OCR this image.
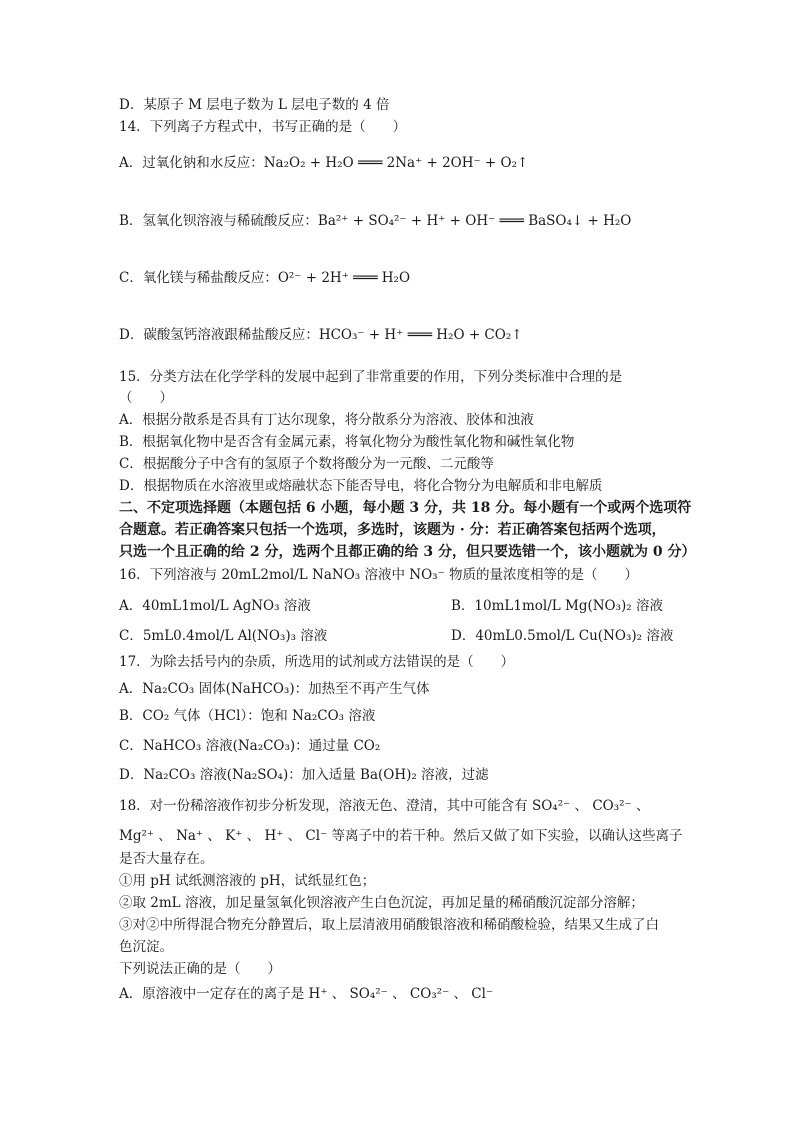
D．某原子 M 层电子数为 L 层电子数的 4 倍
14．下列离子方程式中，书写正确的是（　　）
A．过氧化钠和水反应：Na₂O₂ + H₂O ═══ 2Na⁺ + 2OH⁻ + O₂↑
B．氢氧化钡溶液与稀硫酸反应：Ba²⁺ + SO₄²⁻ + H⁺ + OH⁻ ═══ BaSO₄↓ + H₂O
C．氧化镁与稀盐酸反应：O²⁻ + 2H⁺ ═══ H₂O
D．碳酸氢钙溶液跟稀盐酸反应：HCO₃⁻ + H⁺ ═══ H₂O + CO₂↑
15．分类方法在化学学科的发展中起到了非常重要的作用，下列分类标准中合理的是
（　　）
A．根据分散系是否具有丁达尔现象，将分散系分为溶液、胶体和浊液
B．根据氧化物中是否含有金属元素，将氧化物分为酸性氧化物和碱性氧化物
C．根据酸分子中含有的氢原子个数将酸分为一元酸、二元酸等
D．根据物质在水溶液里或熔融状态下能否导电，将化合物分为电解质和非电解质
二、不定项选择题（本题包括 6 小题，每小题 3 分，共 18 分。每小题有一个或两个选项符
合题意。若正确答案只包括一个选项，多选时，该题为 · 分：若正确答案包括两个选项，
只选一个且正确的给 2 分，选两个且都正确的给 3 分，但只要选错一个，该小题就为 0 分）
16．下列溶液与 20mL2mol/L NaNO₃ 溶液中 NO₃⁻ 物质的量浓度相等的是（　　）
A．40mL1mol/L AgNO₃ 溶液	B．10mL1mol/L Mg(NO₃)₂ 溶液
C．5mL0.4mol/L Al(NO₃)₃ 溶液	D．40mL0.5mol/L Cu(NO₃)₂ 溶液
17．为除去括号内的杂质，所选用的试剂或方法错误的是（　　）
A．Na₂CO₃ 固体(NaHCO₃)：加热至不再产生气体
B．CO₂ 气体（HCl）：饱和 Na₂CO₃ 溶液
C．NaHCO₃ 溶液(Na₂CO₃)：通过量 CO₂
D．Na₂CO₃ 溶液(Na₂SO₄)：加入适量 Ba(OH)₂ 溶液，过滤
18．对一份稀溶液作初步分析发现，溶液无色、澄清，其中可能含有 SO₄²⁻ 、 CO₃²⁻ 、
Mg²⁺ 、 Na⁺ 、 K⁺ 、 H⁺ 、 Cl⁻ 等离子中的若干种。然后又做了如下实验，以确认这些离子
是否大量存在。
①用 pH 试纸测溶液的 pH，试纸显红色；
②取 2mL 溶液，加足量氢氧化钡溶液产生白色沉淀，再加足量的稀硝酸沉淀部分溶解；
③对②中所得混合物充分静置后，取上层清液用硝酸银溶液和稀硝酸检验，结果又生成了白
色沉淀。
下列说法正确的是（　　）
A．原溶液中一定存在的离子是 H⁺ 、 SO₄²⁻ 、 CO₃²⁻ 、 Cl⁻
